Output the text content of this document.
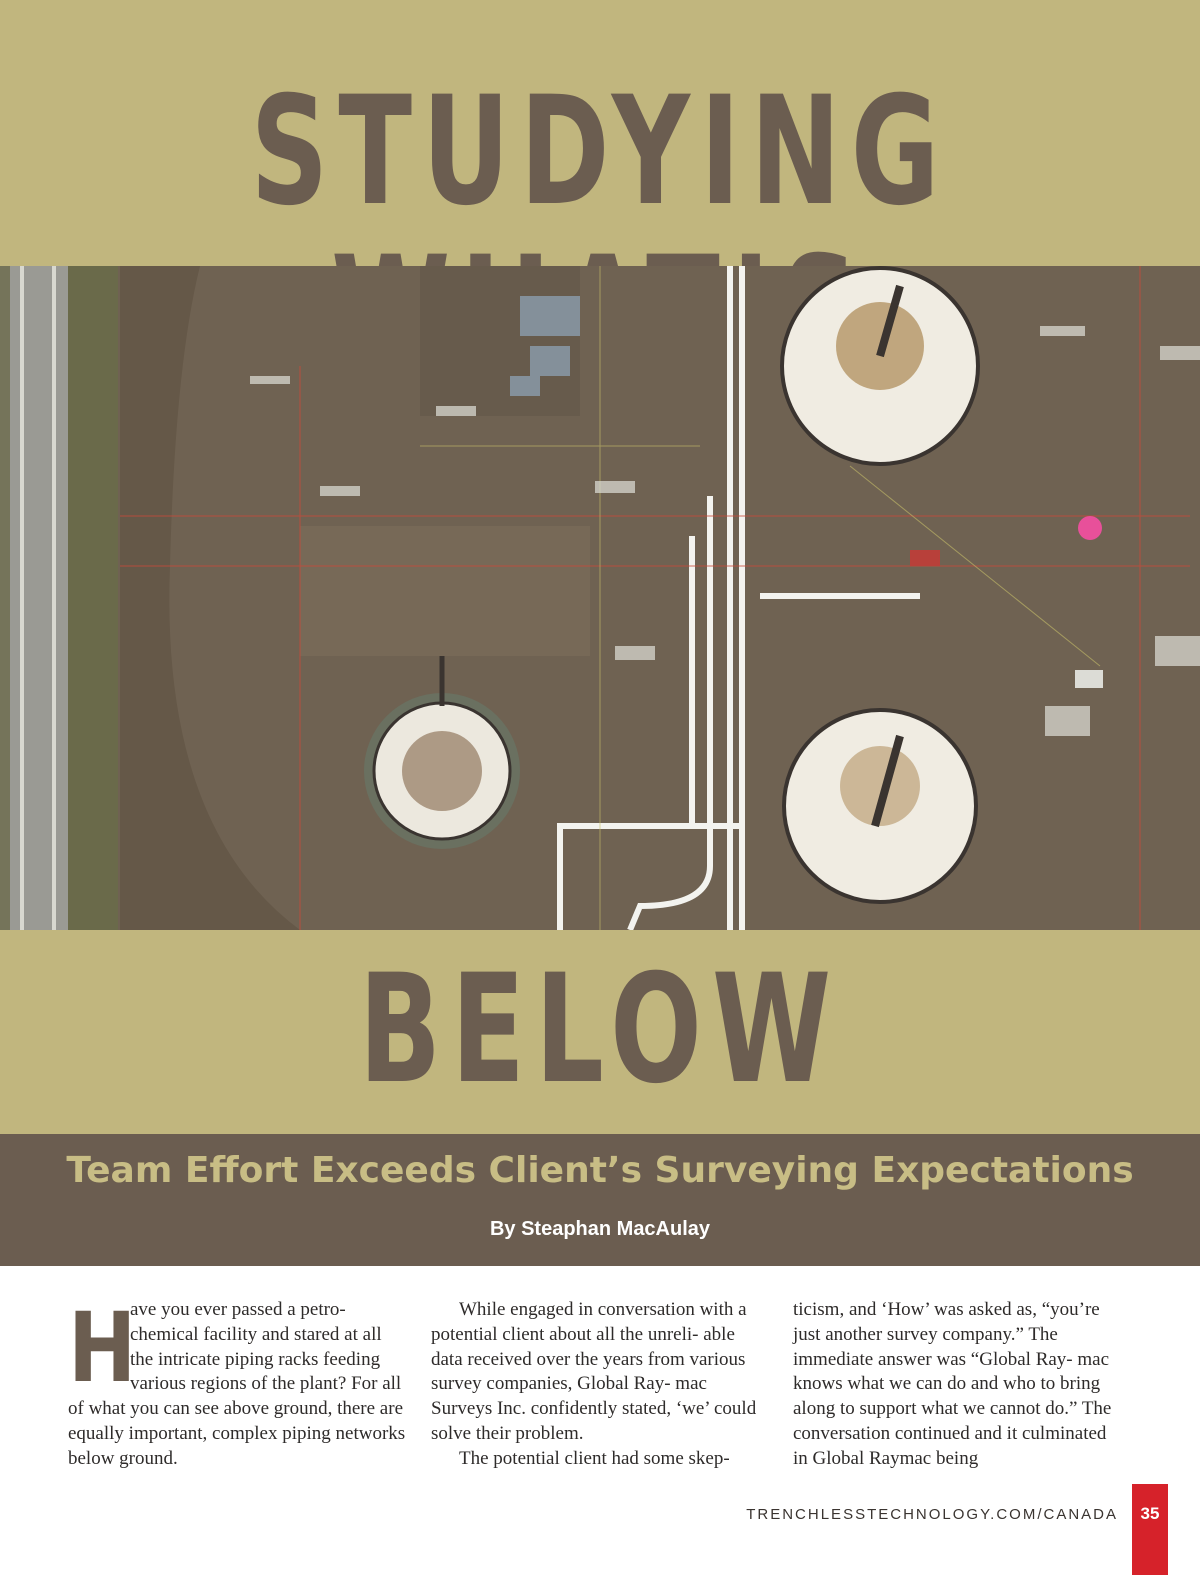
STUDYING
BELOW
Team Effort Exceeds Client’s Surveying Expectations
By Steaphan MacAulay
H

ave you ever passed a petro- chemical facility and stared at all the intricate piping racks feeding various regions of the plant? For all of what you can see above ground, there are equally important, complex piping networks below ground.

While engaged in conversation with a potential client about all the unreli- able data received over the years from various survey companies, Global Ray- mac Surveys Inc. confidently stated, ‘we’ could solve their problem.

The potential client had some skep-

ticism, and ‘How’ was asked as, “you’re just another survey company.” The immediate answer was “Global Ray- mac knows what we can do and who to bring along to support what we cannot do.” The conversation continued and it culminated in Global Raymac being

TRENCHLESSTECHNOLOGY.COM/CANADA	35
